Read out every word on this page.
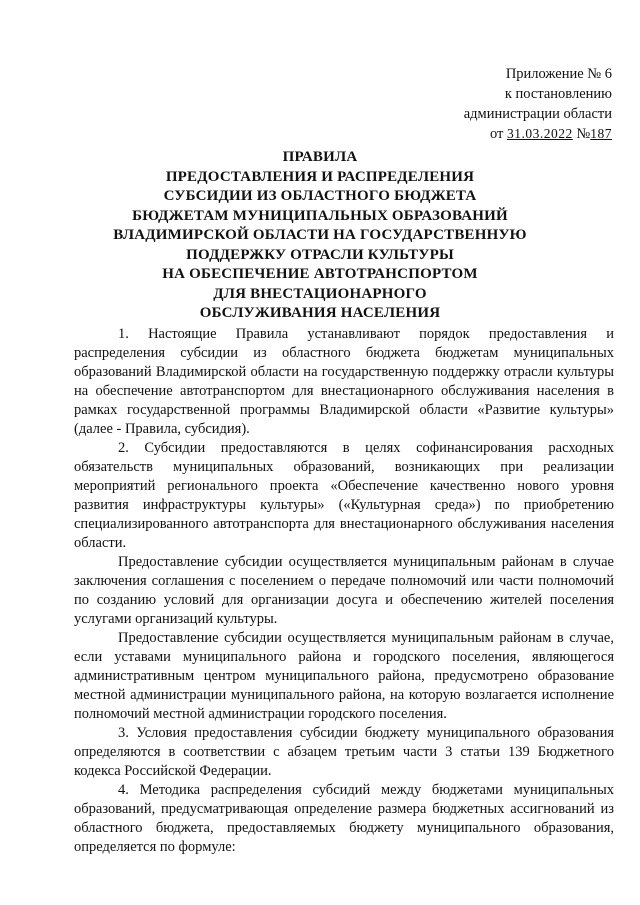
Приложение № 6
к постановлению
администрации области
от 31.03.2022 №187
ПРАВИЛА
ПРЕДОСТАВЛЕНИЯ И РАСПРЕДЕЛЕНИЯ
СУБСИДИИ ИЗ ОБЛАСТНОГО БЮДЖЕТА
БЮДЖЕТАМ МУНИЦИПАЛЬНЫХ ОБРАЗОВАНИЙ
ВЛАДИМИРСКОЙ ОБЛАСТИ НА ГОСУДАРСТВЕННУЮ
ПОДДЕРЖКУ ОТРАСЛИ КУЛЬТУРЫ
НА ОБЕСПЕЧЕНИЕ АВТОТРАНСПОРТОМ
ДЛЯ ВНЕСТАЦИОНАРНОГО
ОБСЛУЖИВАНИЯ НАСЕЛЕНИЯ

1. Настоящие Правила устанавливают порядок предоставления и распределения субсидии из областного бюджета бюджетам муниципальных образований Владимирской области на государственную поддержку отрасли культуры на обеспечение автотранспортом для внестационарного обслуживания населения в рамках государственной программы Владимирской области «Развитие культуры» (далее - Правила, субсидия).

2. Субсидии предоставляются в целях софинансирования расходных обязательств муниципальных образований, возникающих при реализации мероприятий регионального проекта «Обеспечение качественно нового уровня развития инфраструктуры культуры» («Культурная среда») по приобретению специализированного автотранспорта для внестационарного обслуживания населения области.

Предоставление субсидии осуществляется муниципальным районам в случае заключения соглашения с поселением о передаче полномочий или части полномочий по созданию условий для организации досуга и обеспечению жителей поселения услугами организаций культуры.

Предоставление субсидии осуществляется муниципальным районам в случае, если уставами муниципального района и городского поселения, являющегося административным центром муниципального района, предусмотрено образование местной администрации муниципального района, на которую возлагается исполнение полномочий местной администрации городского поселения.

3. Условия предоставления субсидии бюджету муниципального образования определяются в соответствии с абзацем третьим части 3 статьи 139 Бюджетного кодекса Российской Федерации.

4. Методика распределения субсидий между бюджетами муниципальных образований, предусматривающая определение размера бюджетных ассигнований из областного бюджета, предоставляемых бюджету муниципального образования, определяется по формуле:
